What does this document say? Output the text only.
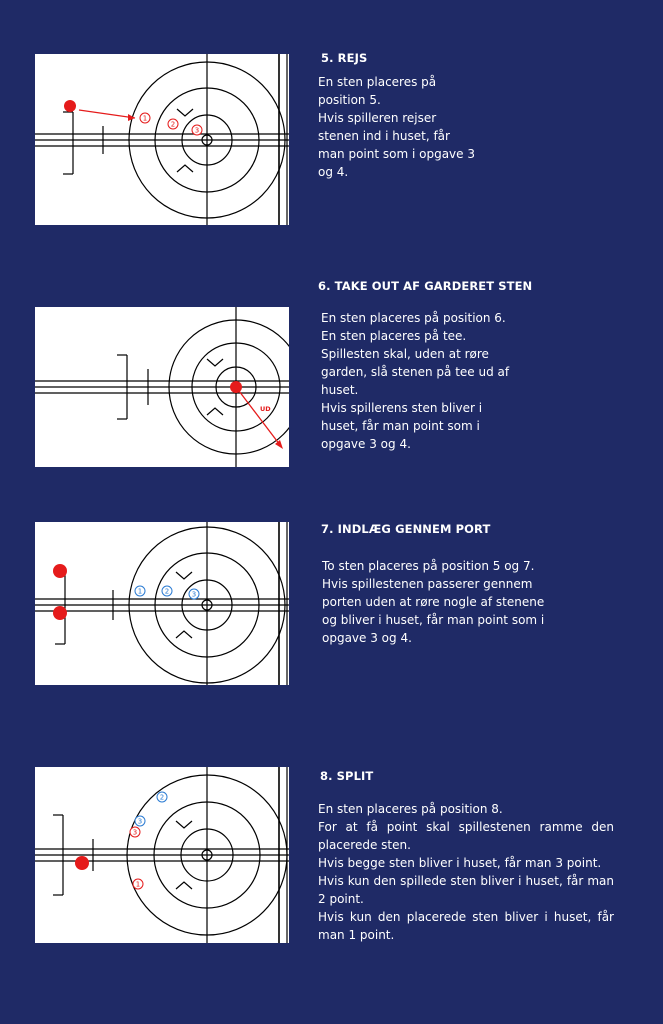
1
2
3
5. REJS

En sten placeres på

position 5.

Hvis spilleren rejser

stenen ind i huset, får

man point som i opgave 3

og 4.

UD
6. TAKE OUT AF GARDERET STEN

En sten placeres på position 6.

En sten placeres på tee.

Spillesten skal, uden at røre

garden, slå stenen på tee ud af

huset.

Hvis spillerens sten bliver i

huset, får man point som i

opgave 3 og 4.

1	2	3
7. INDLÆG GENNEM PORT

To sten placeres på position 5 og 7.

Hvis spillestenen passerer gennem

porten uden at røre nogle af stenene

og bliver i huset, får man point som i

opgave 3 og 4.

2
3
3
1
8. SPLIT

En sten placeres på position 8.

For at få point skal spillestenen ramme den placerede sten.

Hvis begge sten bliver i huset, får man 3 point.

Hvis kun den spillede sten bliver i huset, får man 2 point.

Hvis kun den placerede sten bliver i huset, får man 1 point.
